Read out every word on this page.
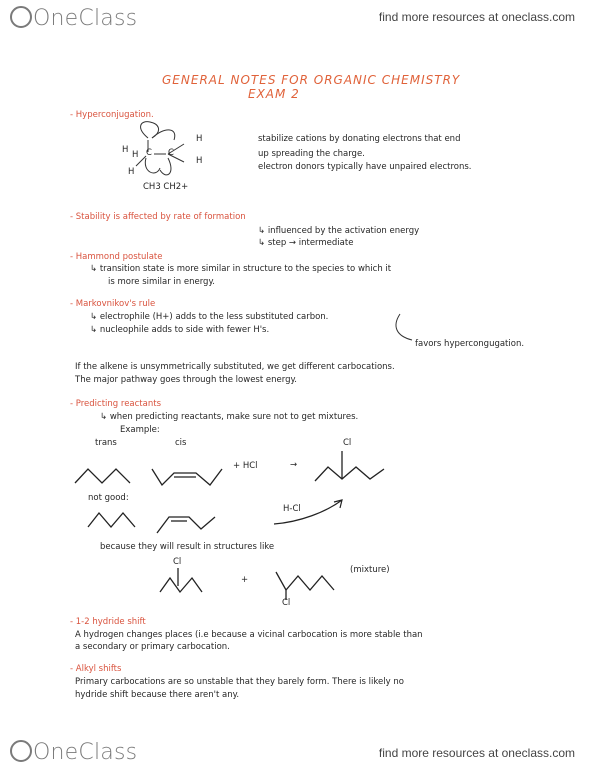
OneClass	find more resources at oneclass.com
GENERAL NOTES FOR ORGANIC CHEMISTRY
EXAM 2
- Hyperconjugation.
H H C C
H
H
H
CH3 CH2+
stabilize cations by donating electrons that end
up spreading the charge.
electron donors typically have unpaired electrons.
- Stability is affected by rate of formation
↳ influenced by the activation energy
↳ step → intermediate
- Hammond postulate
↳ transition state is more similar in structure to the species to which it
is more similar in energy.
- Markovnikov's rule
↳ electrophile (H+) adds to the less substituted carbon.
↳ nucleophile adds to side with fewer H's.
favors hypercongugation.
If the alkene is unsymmetrically substituted, we get different carbocations.
The major pathway goes through the lowest energy.
- Predicting reactants
↳ when predicting reactants, make sure not to get mixtures.
Example:
trans	cis
+ HCl	→
Cl
not good:
H-Cl
because they will result in structures like
Cl
+
Cl
(mixture)
- 1-2 hydride shift
A hydrogen changes places (i.e because a vicinal carbocation is more stable than
a secondary or primary carbocation.
- Alkyl shifts
Primary carbocations are so unstable that they barely form. There is likely no
hydride shift because there aren't any.
OneClass	find more resources at oneclass.com
